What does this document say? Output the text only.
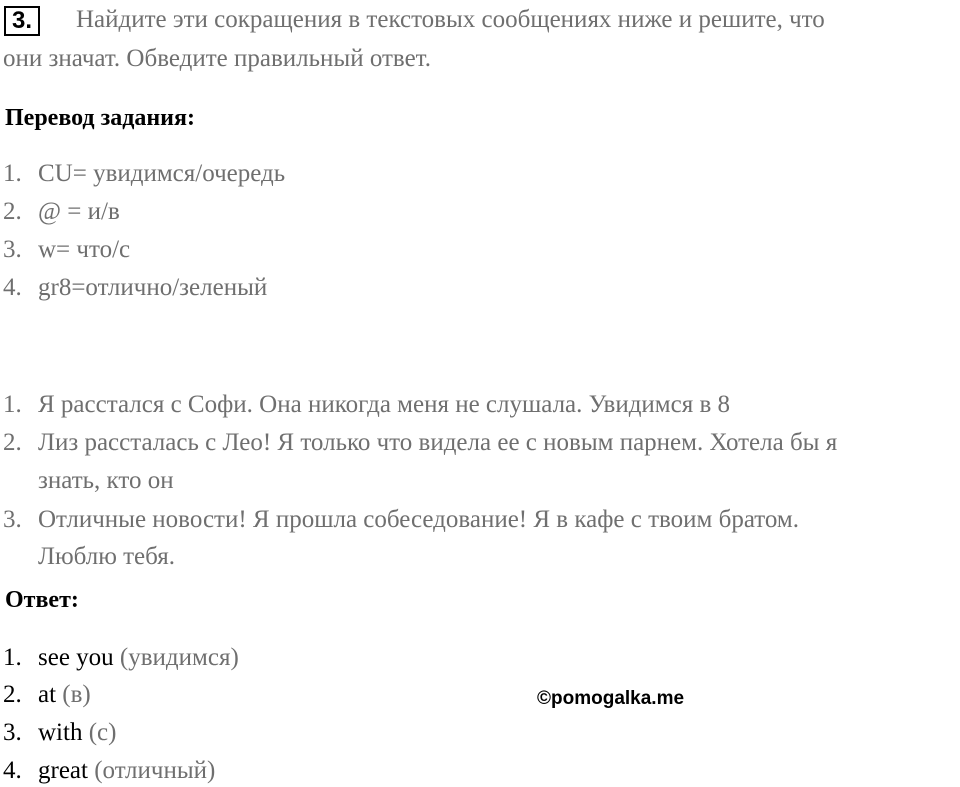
3.	Найдите эти сокращения в текстовых сообщениях ниже и решите, что
они значат. Обведите правильный ответ.
Перевод задания:
1. CU= увидимся/очередь
2. @ = и/в
3. w= что/с
4. gr8=отлично/зеленый
1. Я расстался с Софи. Она никогда меня не слушала. Увидимся в 8
2. Лиз рассталась с Лео! Я только что видела ее с новым парнем. Хотела бы я
знать, кто он
3. Отличные новости! Я прошла собеседование! Я в кафе с твоим братом.
Люблю тебя.
Ответ:
1. see you (увидимся)
2. at (в)
3. with (с)
4. great (отличный)
©pomogalka.me
